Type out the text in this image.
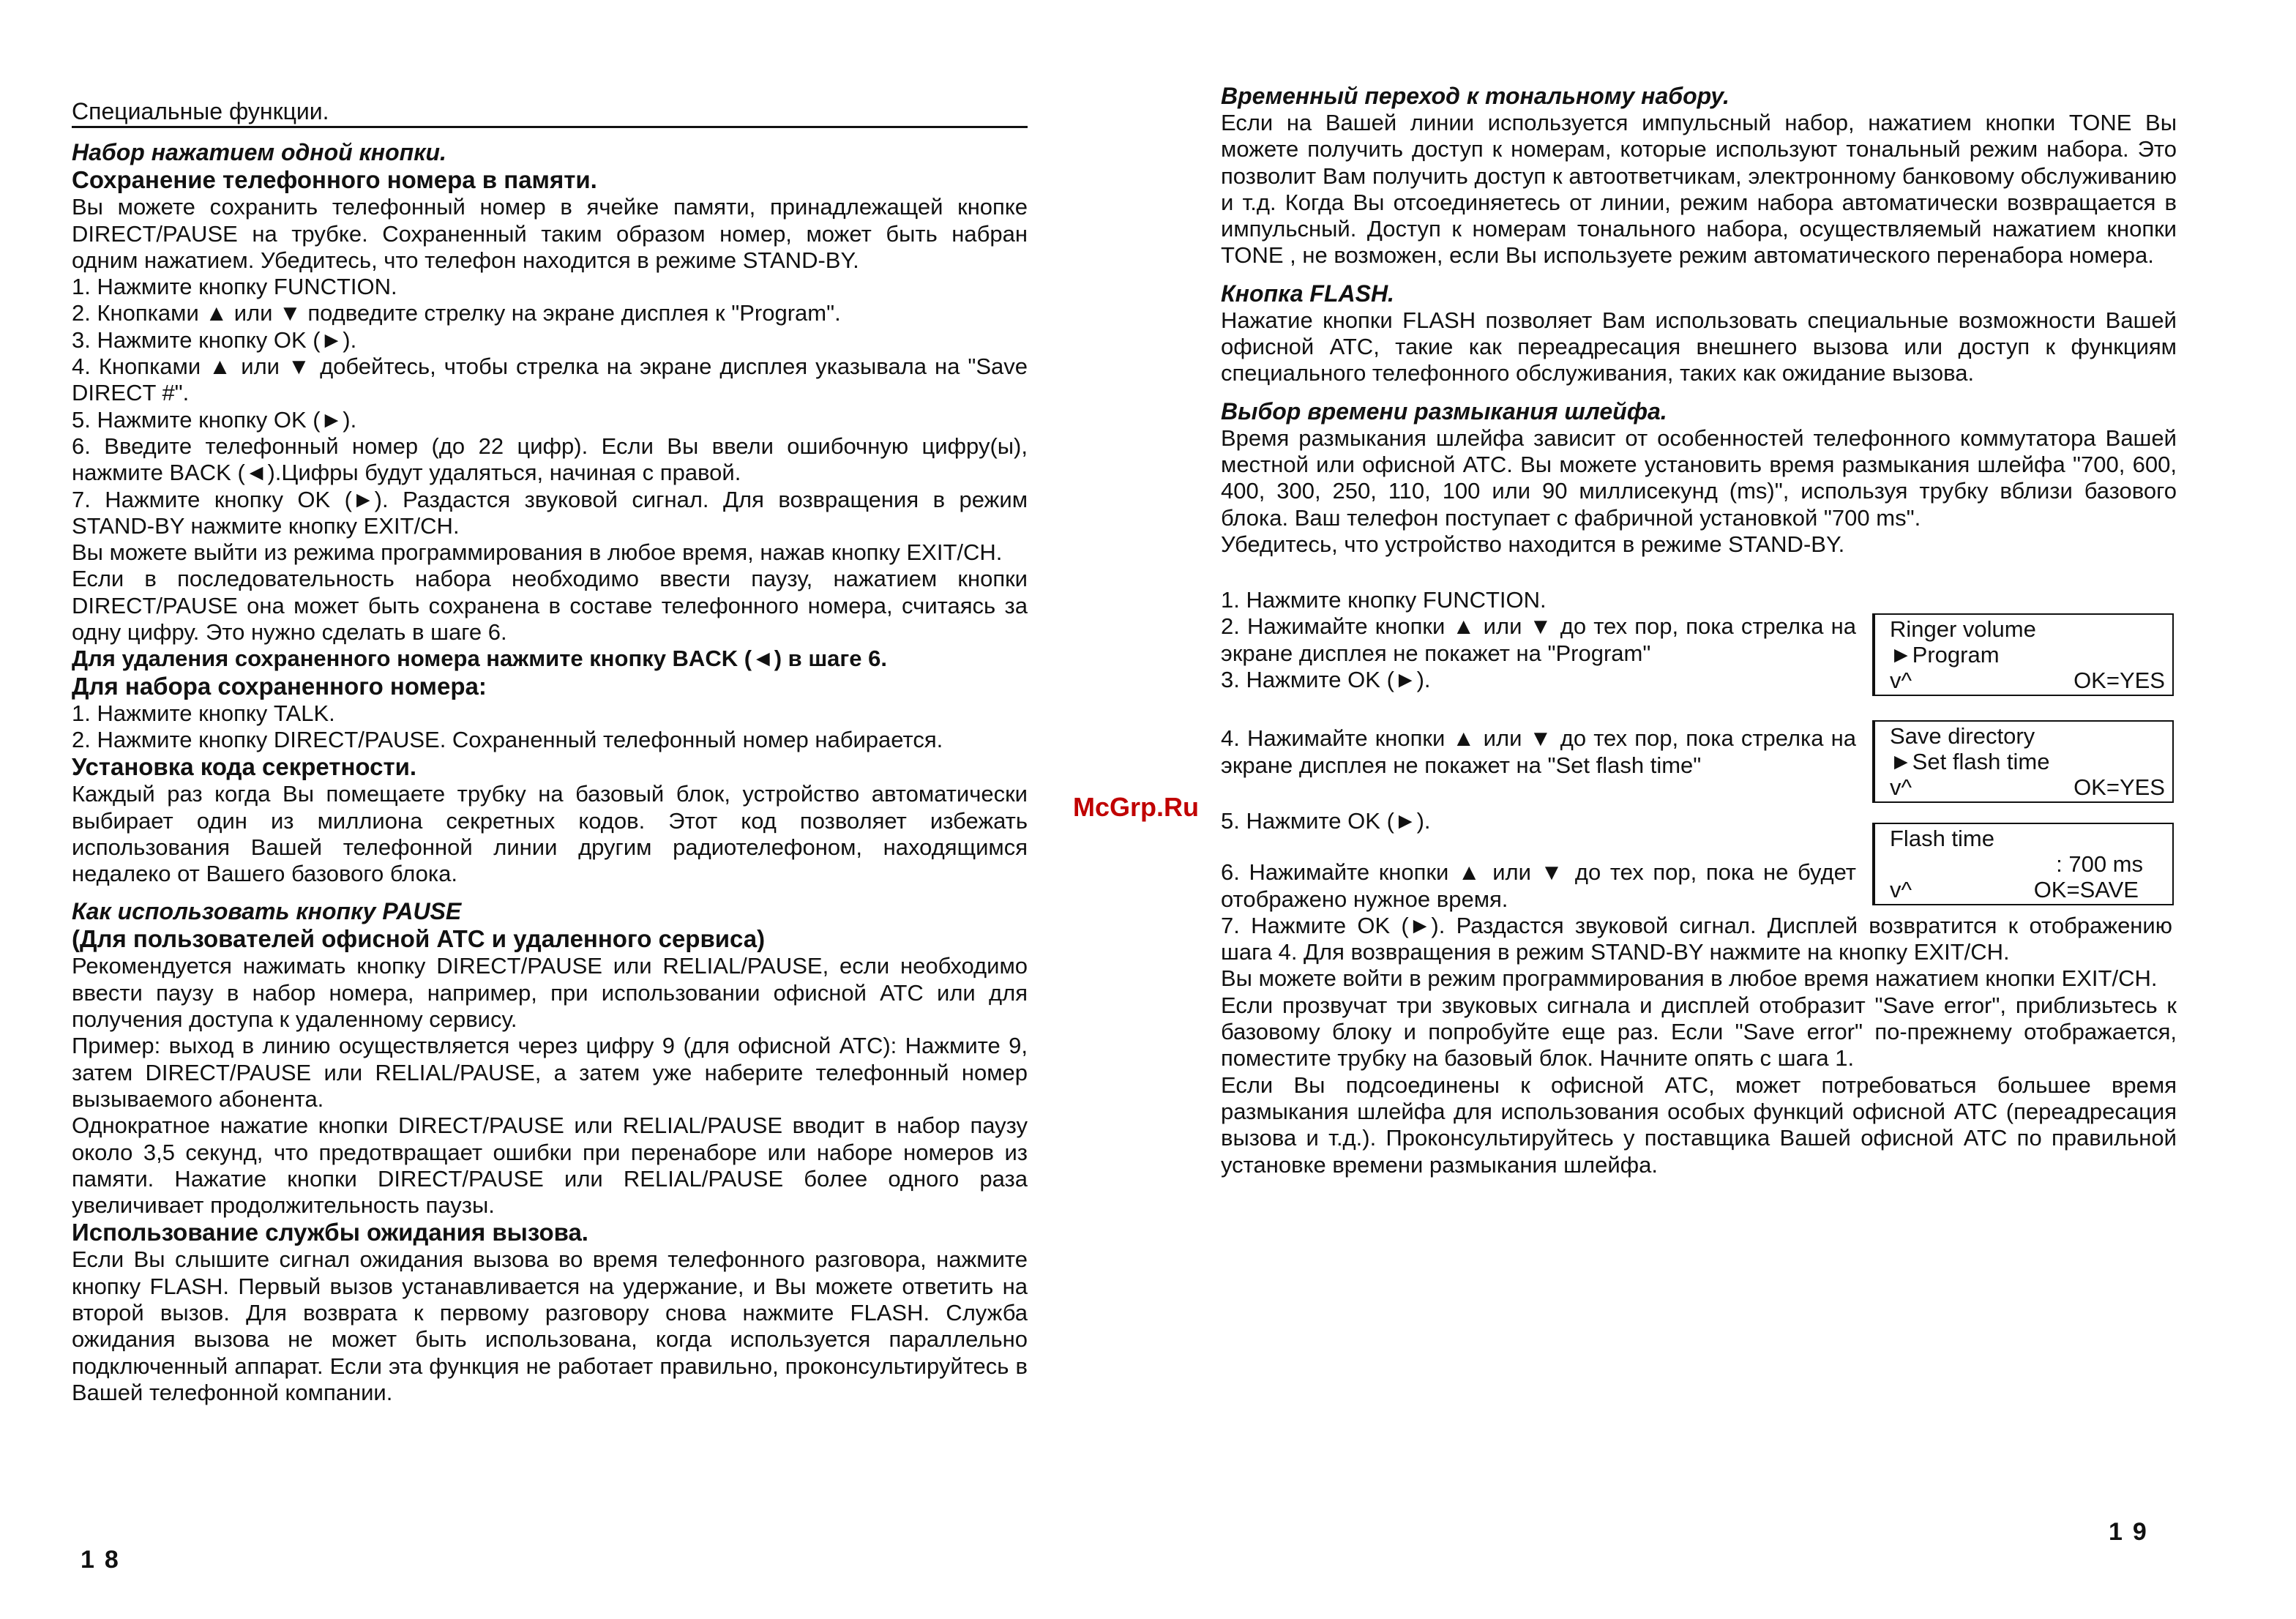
Специальные функции.

Набор нажатием одной кнопки.

Сохранение телефонного номера в памяти.

Вы можете сохранить телефонный номер в ячейке памяти, принадлежащей кнопке DIRECT/PAUSE на трубке. Сохраненный таким образом номер, может быть набран одним нажатием. Убедитесь, что телефон находится в режиме STAND-BY.

1. Нажмите кнопку FUNCTION.

2. Кнопками ▲ или ▼ подведите стрелку на экране дисплея к "Program".

3. Нажмите кнопку OK (►).

4. Кнопками ▲ или ▼ добейтесь, чтобы стрелка на экране дисплея указывала на "Save DIRECT #".

5. Нажмите кнопку OK (►).

6. Введите телефонный номер (до 22 цифр). Если Вы ввели ошибочную цифру(ы), нажмите BACK (◄).Цифры будут удаляться, начиная с правой.

7. Нажмите кнопку OK (►). Раздастся звуковой сигнал. Для возвращения в режим STAND-BY нажмите кнопку EXIT/CH.

Вы можете выйти из режима программирования в любое время, нажав кнопку EXIT/CH.

Если в последовательность набора необходимо ввести паузу, нажатием кнопки DIRECT/PAUSE она может быть сохранена в составе телефонного номера, считаясь за одну цифру. Это нужно сделать в шаге 6.

Для удаления сохраненного номера нажмите кнопку BACK (◄) в шаге 6.

Для набора сохраненного номера:

1. Нажмите кнопку TALK.

2. Нажмите кнопку DIRECT/PAUSE. Сохраненный телефонный номер набирается.

Установка кода секретности.

Каждый раз когда Вы помещаете трубку на базовый блок, устройство автоматически выбирает один из миллиона секретных кодов. Этот код позволяет избежать использования Вашей телефонной линии другим радиотелефоном, находящимся недалеко от Вашего базового блока.

Как использовать кнопку PAUSE

(Для пользователей офисной АТС и удаленного сервиса)

Рекомендуется нажимать кнопку DIRECT/PAUSE или RELIAL/PAUSE, если необходимо ввести паузу в набор номера, например, при использовании офисной АТС или для получения доступа к удаленному сервису.

Пример: выход в линию осуществляется через цифру 9 (для офисной АТС): Нажмите 9, затем DIRECT/PAUSE или RELIAL/PAUSE, а затем уже наберите телефонный номер вызываемого абонента.

Однократное нажатие кнопки DIRECT/PAUSE или RELIAL/PAUSE вводит в набор паузу около 3,5 секунд, что предотвращает ошибки при перенаборе или наборе номеров из памяти. Нажатие кнопки DIRECT/PAUSE или RELIAL/PAUSE более одного раза увеличивает продолжительность паузы.

Использование службы ожидания вызова.

Если Вы слышите сигнал ожидания вызова во время телефонного разговора, нажмите кнопку FLASH. Первый вызов устанавливается на удержание, и Вы можете ответить на второй вызов. Для возврата к первому разговору снова нажмите FLASH. Служба ожидания вызова не может быть использована, когда используется параллельно подключенный аппарат. Если эта функция не работает правильно, проконсультируйтесь в Вашей телефонной компании.

18

Временный переход к тональному набору.

Если на Вашей линии используется импульсный набор, нажатием кнопки TONE Вы можете получить доступ к номерам, которые используют тональный режим набора. Это позволит Вам получить доступ к автоответчикам, электронному банковому обслуживанию и т.д. Когда Вы отсоединяетесь от линии, режим набора автоматически возвращается в импульсный. Доступ к номерам тонального набора, осуществляемый нажатием кнопки TONE , не возможен, если Вы используете режим автоматического перенабора номера.

Кнопка FLASH.

Нажатие кнопки FLASH позволяет Вам использовать специальные возможности Вашей офисной АТС, такие как переадресация внешнего вызова или доступ к функциям специального телефонного обслуживания, таких как ожидание вызова.

Выбор времени размыкания шлейфа.

Время размыкания шлейфа зависит от особенностей телефонного коммутатора Вашей местной или офисной АТС. Вы можете установить время размыкания шлейфа "700, 600, 400, 300, 250, 110, 100 или 90 миллисекунд (ms)", используя трубку вблизи базового блока. Ваш телефон поступает с фабричной установкой "700 ms".

Убедитесь, что устройство находится в режиме STAND-BY.

1. Нажмите кнопку FUNCTION.

2. Нажимайте кнопки ▲ или ▼ до тех пор, пока стрелка на экране дисплея не покажет на "Program"

3. Нажмите OK (►).

Ringer volume
►Program
v^	OK=YES

4. Нажимайте кнопки ▲ или ▼ до тех пор, пока стрелка на экране дисплея не покажет на "Set flash time"

Save directory
►Set flash time
v^	OK=YES

5. Нажмите OK (►).

Flash time
: 700 ms
v^	OK=SAVE

6. Нажимайте кнопки ▲ или ▼ до тех пор, пока не будет отображено нужное время.

7. Нажмите OK (►). Раздастся звуковой сигнал. Дисплей возвратится к отображению шага 4. Для возвращения в режим STAND-BY нажмите на кнопку EXIT/CH.

Вы можете войти в режим программирования в любое время нажатием кнопки EXIT/CH.

Если прозвучат три звуковых сигнала и дисплей отобразит "Save error", приблизьтесь к базовому блоку и попробуйте еще раз. Если "Save error" по-прежнему отображается, поместите трубку на базовый блок. Начните опять с шага 1.

Если Вы подсоединены к офисной АТС, может потребоваться большее время размыкания шлейфа для использования особых функций офисной АТС (переадресация вызова и т.д.). Проконсультируйтесь у поставщика Вашей офисной АТС по правильной установке времени размыкания шлейфа.

19
McGrp.Ru
